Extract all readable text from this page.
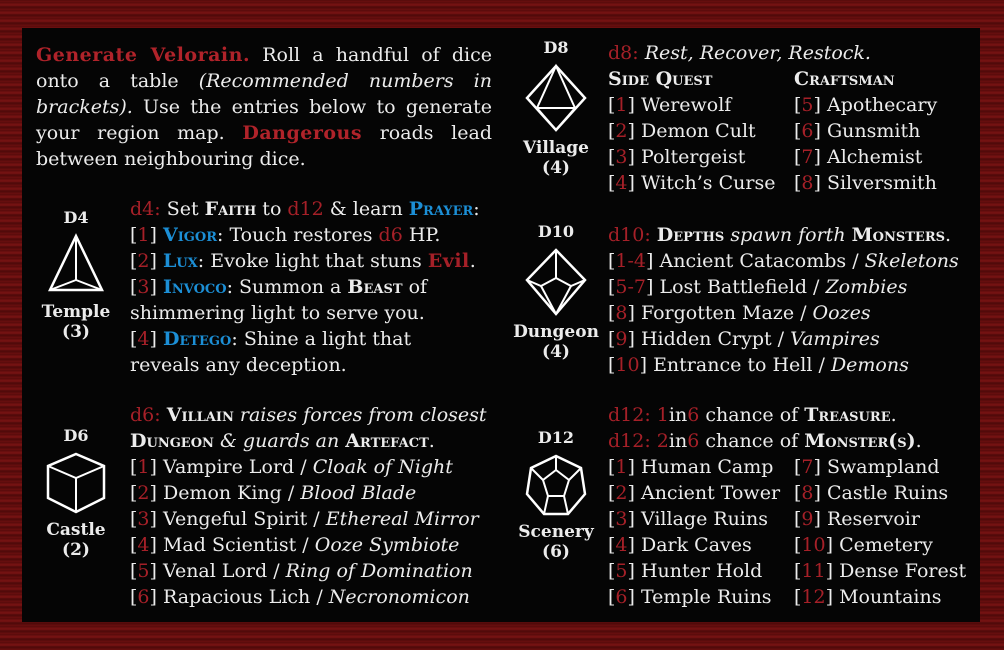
Generate Velorain. Roll a handful of dice onto a table (Recommended numbers in brackets). Use the entries below to generate your region map. Dangerous roads lead between neighbouring dice.
D4
Temple
(3)
D6
Castle
(2)
D8
Village
(4)
D10
Dungeon
(4)
D12
Scenery
(6)
d4: Set Faith to d12 & learn Prayer:
[1] Vigor: Touch restores d6 HP.
[2] Lux: Evoke light that stuns Evil.
[3] Invoco: Summon a Beast of
shimmering light to serve you.
[4] Detego: Shine a light that
reveals any deception.
d6: Villain raises forces from closest
Dungeon & guards an Artefact.
[1] Vampire Lord / Cloak of Night
[2] Demon King / Blood Blade
[3] Vengeful Spirit / Ethereal Mirror
[4] Mad Scientist / Ooze Symbiote
[5] Venal Lord / Ring of Domination
[6] Rapacious Lich / Necronomicon
d8: Rest, Recover, Restock.
Side Quest
[1] Werewolf
[2] Demon Cult
[3] Poltergeist
[4] Witch’s Curse
Craftsman
[5] Apothecary
[6] Gunsmith
[7] Alchemist
[8] Silversmith
d10: Depths spawn forth Monsters.
[1-4] Ancient Catacombs / Skeletons
[5-7] Lost Battlefield / Zombies
[8] Forgotten Maze / Oozes
[9] Hidden Crypt / Vampires
[10] Entrance to Hell / Demons
d12: 1in6 chance of Treasure.
d12: 2in6 chance of Monster(s).
[1] Human Camp
[2] Ancient Tower
[3] Village Ruins
[4] Dark Caves
[5] Hunter Hold
[6] Temple Ruins
[7] Swampland
[8] Castle Ruins
[9] Reservoir
[10] Cemetery
[11] Dense Forest
[12] Mountains
